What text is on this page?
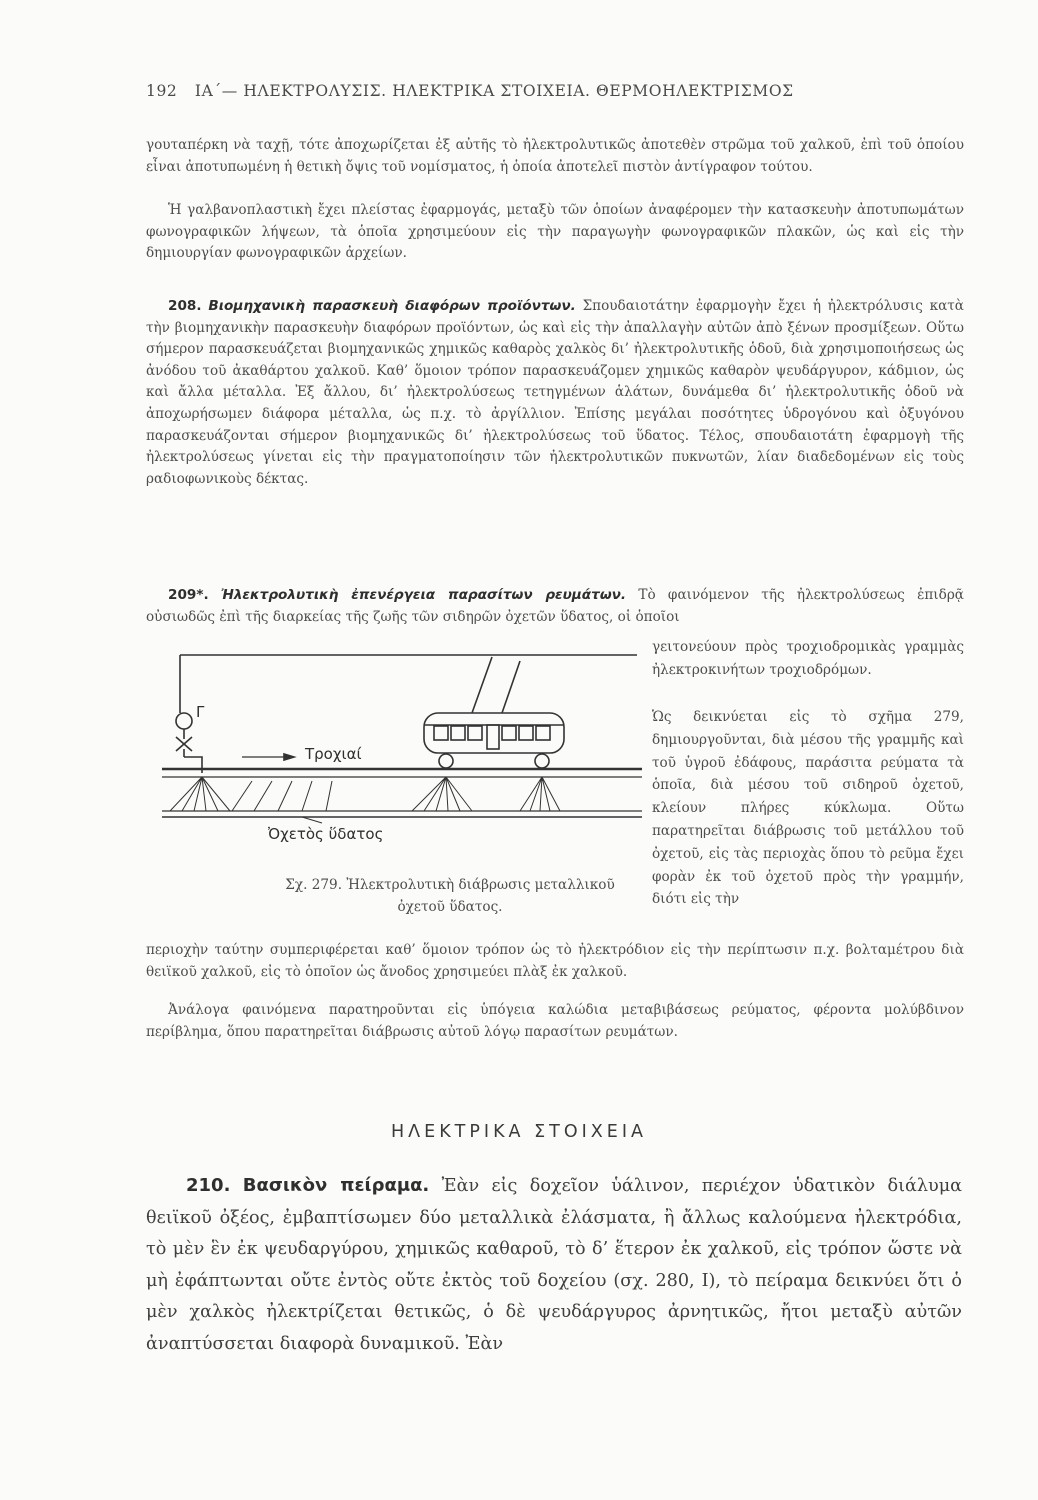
192 ΙΑ΄— ΗΛΕΚΤΡΟΛΥΣΙΣ. ΗΛΕΚΤΡΙΚΑ ΣΤΟΙΧΕΙΑ. ΘΕΡΜΟΗΛΕΚΤΡΙΣΜΟΣ

γουταπέρκη νὰ ταχῇ, τότε ἀποχωρίζεται ἐξ αὐτῆς τὸ ἠλεκτρολυτικῶς ἀποτεθὲν στρῶμα τοῦ χαλκοῦ, ἐπὶ τοῦ ὁποίου εἶναι ἀποτυπωμένη ἡ θετικὴ ὄψις τοῦ νομίσματος, ἡ ὁποία ἀποτελεῖ πιστὸν ἀντίγραφον τούτου.

Ἡ γαλβανοπλαστικὴ ἔχει πλείστας ἐφαρμογάς, μεταξὺ τῶν ὁποίων ἀναφέρομεν τὴν κατασκευὴν ἀποτυπωμάτων φωνογραφικῶν λήψεων, τὰ ὁποῖα χρησιμεύουν εἰς τὴν παραγωγὴν φωνογραφικῶν πλακῶν, ὡς καὶ εἰς τὴν δημιουργίαν φωνογραφικῶν ἀρχείων.

208. Βιομηχανικὴ παρασκευὴ διαφόρων προϊόντων. Σπουδαιοτάτην ἐφαρμογὴν ἔχει ἡ ἠλεκτρόλυσις κατὰ τὴν βιομηχανικὴν παρασκευὴν διαφόρων προϊόντων, ὡς καὶ εἰς τὴν ἀπαλλαγὴν αὐτῶν ἀπὸ ξένων προσμίξεων. Οὕτω σήμερον παρασκευάζεται βιομηχανικῶς χημικῶς καθαρὸς χαλκὸς δι’ ἠλεκτρολυτικῆς ὁδοῦ, διὰ χρησιμοποιήσεως ὡς ἀνόδου τοῦ ἀκαθάρτου χαλκοῦ. Καθ’ ὅμοιον τρόπον παρασκευάζομεν χημικῶς καθαρὸν ψευδάργυρον, κάδμιον, ὡς καὶ ἄλλα μέταλλα. Ἐξ ἄλλου, δι’ ἠλεκτρολύσεως τετηγμένων ἁλάτων, δυνάμεθα δι’ ἠλεκτρολυτικῆς ὁδοῦ νὰ ἀποχωρήσωμεν διάφορα μέταλλα, ὡς π.χ. τὸ ἀργίλλιον. Ἐπίσης μεγάλαι ποσότητες ὑδρογόνου καὶ ὀξυγόνου παρασκευάζονται σήμερον βιομηχανικῶς δι’ ἠλεκτρολύσεως τοῦ ὕδατος. Τέλος, σπουδαιοτάτη ἐφαρμογὴ τῆς ἠλεκτρολύσεως γίνεται εἰς τὴν πραγματοποίησιν τῶν ἠλεκτρολυτικῶν πυκνωτῶν, λίαν διαδεδομένων εἰς τοὺς ραδιοφωνικοὺς δέκτας.

209*. Ἠλεκτρολυτικὴ ἐπενέργεια παρασίτων ρευμάτων. Τὸ φαινόμενον τῆς ἠλεκτρολύσεως ἐπιδρᾷ οὐσιωδῶς ἐπὶ τῆς διαρκείας τῆς ζωῆς τῶν σιδηρῶν ὀχετῶν ὕδατος, οἱ ὁποῖοι

γειτονεύουν πρὸς τροχιοδρομικὰς γραμμὰς ἠλεκτροκινήτων τροχιοδρόμων.

Ὡς δεικνύεται εἰς τὸ σχῆμα 279, δημιουργοῦνται, διὰ μέσου τῆς γραμμῆς καὶ τοῦ ὑγροῦ ἐδάφους, παράσιτα ρεύματα τὰ ὁποῖα, διὰ μέσου τοῦ σιδηροῦ ὀχετοῦ, κλείουν πλήρες κύκλωμα. Οὕτω παρατηρεῖται διάβρωσις τοῦ μετάλλου τοῦ ὀχετοῦ, εἰς τὰς περιοχὰς ὅπου τὸ ρεῦμα ἔχει φορὰν ἐκ τοῦ ὀχετοῦ πρὸς τὴν γραμμήν, διότι εἰς τὴν

Γ
Τροχιαί
Ὀχετὸς ὕδατος
Σχ. 279. Ἠλεκτρολυτικὴ διάβρωσις μεταλλικοῦ
ὀχετοῦ ὕδατος.

περιοχὴν ταύτην συμπεριφέρεται καθ’ ὅμοιον τρόπον ὡς τὸ ἠλεκτρόδιον εἰς τὴν περίπτωσιν π.χ. βολταμέτρου διὰ θειϊκοῦ χαλκοῦ, εἰς τὸ ὁποῖον ὡς ἄνοδος χρησιμεύει πλὰξ ἐκ χαλκοῦ.

Ἀνάλογα φαινόμενα παρατηροῦνται εἰς ὑπόγεια καλώδια μεταβιβάσεως ρεύματος, φέροντα μολύβδινον περίβλημα, ὅπου παρατηρεῖται διάβρωσις αὐτοῦ λόγῳ παρασίτων ρευμάτων.

ΗΛΕΚΤΡΙΚΑ ΣΤΟΙΧΕΙΑ

210. Βασικὸν πείραμα. Ἐὰν εἰς δοχεῖον ὑάλινον, περιέχον ὑδατικὸν διάλυμα θειϊκοῦ ὀξέος, ἐμβαπτίσωμεν δύο μεταλλικὰ ἐλάσματα, ἢ ἄλλως καλούμενα ἠλεκτρόδια, τὸ μὲν ἓν ἐκ ψευδαργύρου, χημικῶς καθαροῦ, τὸ δ’ ἕτερον ἐκ χαλκοῦ, εἰς τρόπον ὥστε νὰ μὴ ἐφάπτωνται οὔτε ἐντὸς οὔτε ἐκτὸς τοῦ δοχείου (σχ. 280, Ι), τὸ πείραμα δεικνύει ὅτι ὁ μὲν χαλκὸς ἠλεκτρίζεται θετικῶς, ὁ δὲ ψευδάργυρος ἀρνητικῶς, ἤτοι μεταξὺ αὐτῶν ἀναπτύσσεται διαφορὰ δυναμικοῦ. Ἐὰν
